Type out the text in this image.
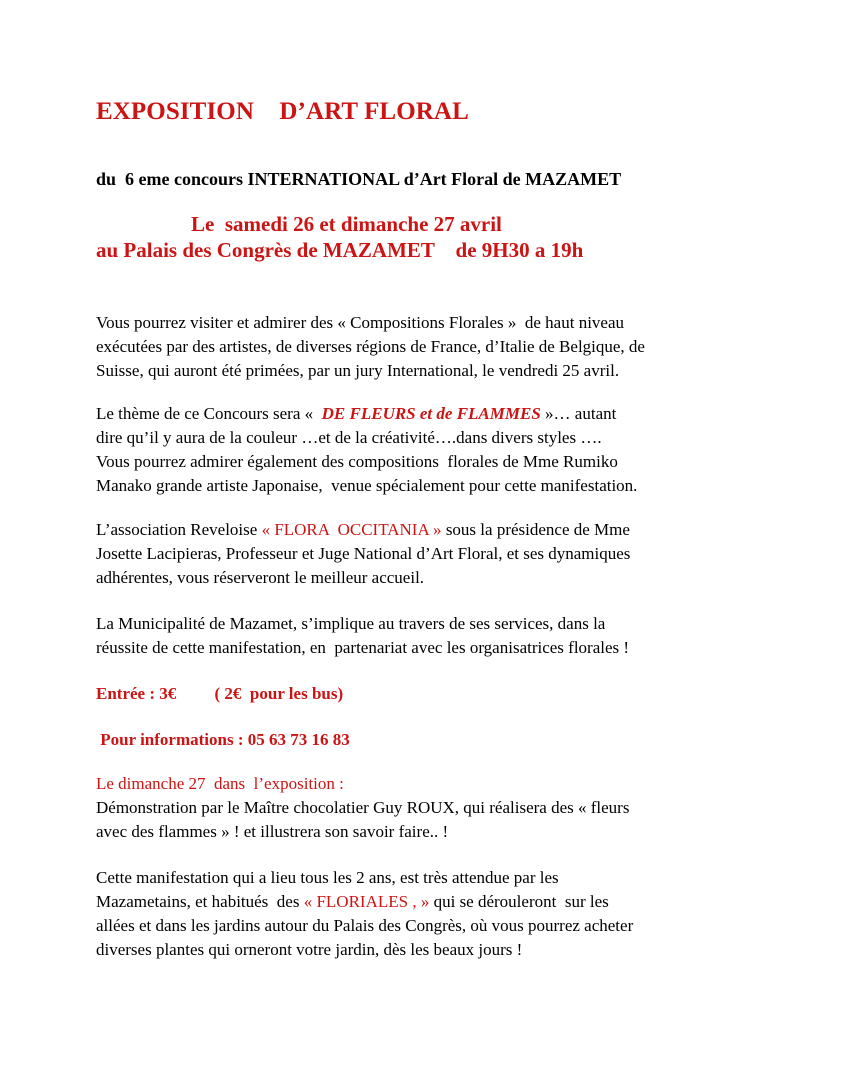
EXPOSITION    D’ART FLORAL

du  6 eme concours INTERNATIONAL d’Art Floral de MAZAMET

Le  samedi 26 et dimanche 27 avril
au Palais des Congrès de MAZAMET    de 9H30 a 19h

Vous pourrez visiter et admirer des « Compositions Florales »  de haut niveau
exécutées par des artistes, de diverses régions de France, d’Italie de Belgique, de
Suisse, qui auront été primées, par un jury International, le vendredi 25 avril.

Le thème de ce Concours sera «  DE FLEURS et de FLAMMES »… autant
dire qu’il y aura de la couleur …et de la créativité….dans divers styles ….
Vous pourrez admirer également des compositions  florales de Mme Rumiko
Manako grande artiste Japonaise,  venue spécialement pour cette manifestation.

L’association Reveloise « FLORA  OCCITANIA » sous la présidence de Mme
Josette Lacipieras, Professeur et Juge National d’Art Floral, et ses dynamiques
adhérentes, vous réserveront le meilleur accueil.

La Municipalité de Mazamet, s’implique au travers de ses services, dans la
réussite de cette manifestation, en  partenariat avec les organisatrices florales !

Entrée : 3€         ( 2€  pour les bus)

Pour informations : 05 63 73 16 83

Le dimanche 27  dans  l’exposition :
Démonstration par le Maître chocolatier Guy ROUX, qui réalisera des « fleurs
avec des flammes » ! et illustrera son savoir faire.. !

Cette manifestation qui a lieu tous les 2 ans, est très attendue par les
Mazametains, et habitués  des « FLORIALES , » qui se dérouleront  sur les
allées et dans les jardins autour du Palais des Congrès, où vous pourrez acheter
diverses plantes qui orneront votre jardin, dès les beaux jours !
